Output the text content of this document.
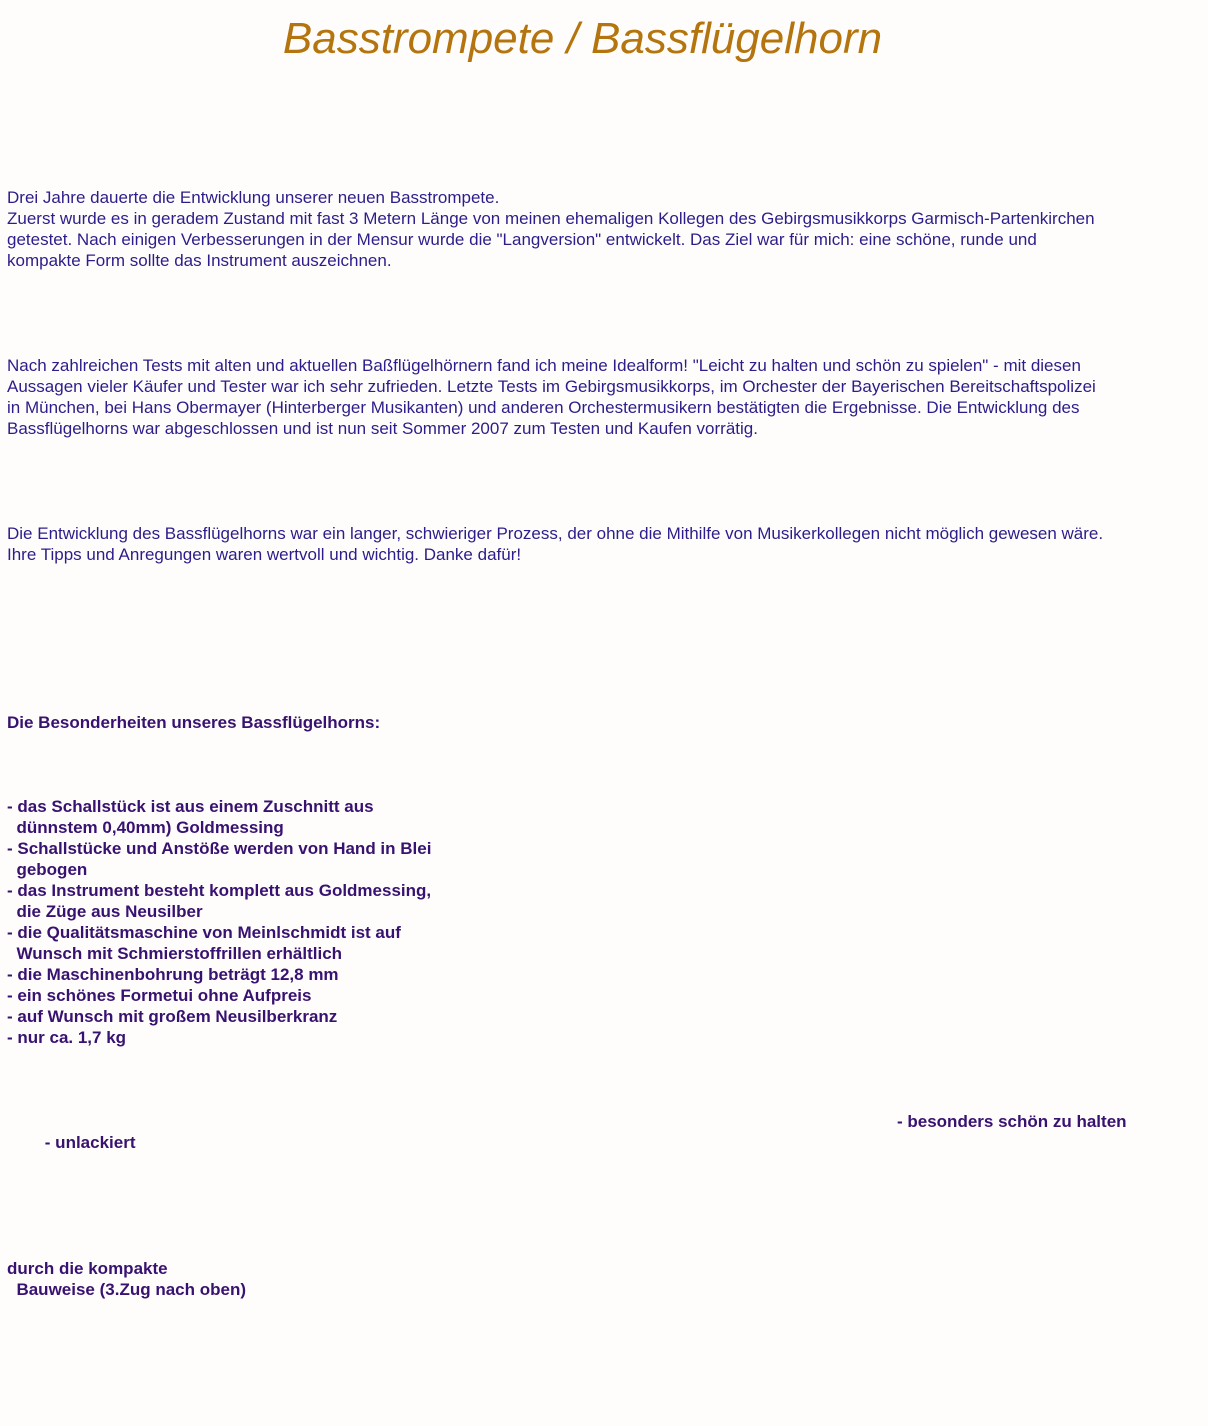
Basstrompete / Bassflügelhorn

Drei Jahre dauerte die Entwicklung unserer neuen Basstrompete.
Zuerst wurde es in geradem Zustand mit fast 3 Metern Länge von meinen ehemaligen Kollegen des Gebirgsmusikkorps Garmisch-Partenkirchen
getestet. Nach einigen Verbesserungen in der Mensur wurde die "Langversion" entwickelt. Das Ziel war für mich: eine schöne, runde und
kompakte Form sollte das Instrument auszeichnen.

Nach zahlreichen Tests mit alten und aktuellen Baßflügelhörnern fand ich meine Idealform! "Leicht zu halten und schön zu spielen" - mit diesen
Aussagen vieler Käufer und Tester war ich sehr zufrieden. Letzte Tests im Gebirgsmusikkorps, im Orchester der Bayerischen Bereitschaftspolizei
in München, bei Hans Obermayer (Hinterberger Musikanten) und anderen Orchestermusikern bestätigten die Ergebnisse. Die Entwicklung des
Bassflügelhorns war abgeschlossen und ist nun seit Sommer 2007 zum Testen und Kaufen vorrätig.

Die Entwicklung des Bassflügelhorns war ein langer, schwieriger Prozess, der ohne die Mithilfe von Musikerkollegen nicht möglich gewesen wäre.
Ihre Tipps und Anregungen waren wertvoll und wichtig. Danke dafür!

Die Besonderheiten unseres Bassflügelhorns:

- das Schallstück ist aus einem Zuschnitt aus
dünnstem 0,40mm) Goldmessing
- Schallstücke und Anstöße werden von Hand in Blei
gebogen
- das Instrument besteht komplett aus Goldmessing,
die Züge aus Neusilber
- die Qualitätsmaschine von Meinlschmidt ist auf
Wunsch mit Schmierstoffrillen erhältlich
- die Maschinenbohrung beträgt 12,8 mm
- ein schönes Formetui ohne Aufpreis
- auf Wunsch mit großem Neusilberkranz
- nur ca. 1,7 kg

- unlackiert

- besonders schön zu halten

durch die kompakte
Bauweise (3.Zug nach oben)
